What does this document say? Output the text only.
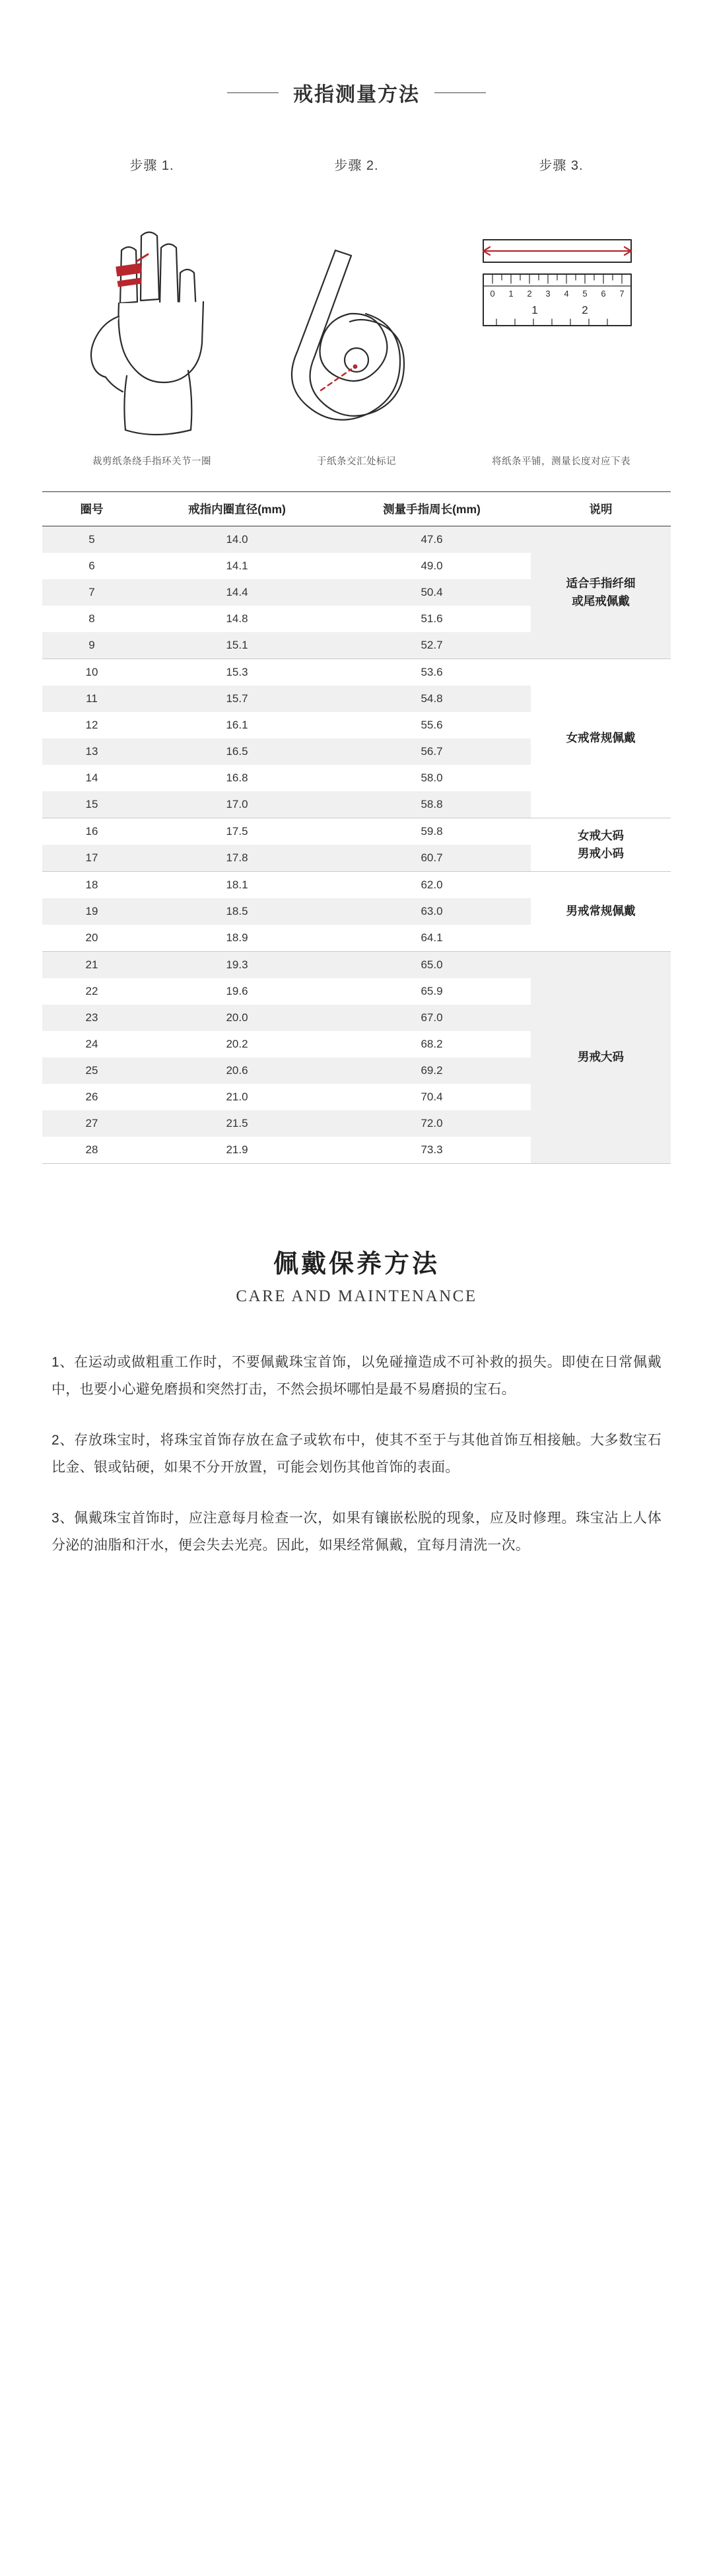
戒指测量方法
步骤 1.	步骤 2.	步骤 3.
0 1 2 3 4 5 6 7
1	2
裁剪纸条绕手指环关节一圈	于纸条交汇处标记	将纸条平铺，测量长度对应下表
圈号	戒指内圈直径(mm)	测量手指周长(mm)	说明
5	14.0	47.6	适合手指纤细
或尾戒佩戴
6	14.1	49.0	
7	14.4	50.4	
8	14.8	51.6	
9	15.1	52.7	
10	15.3	53.6	女戒常规佩戴
11	15.7	54.8	
12	16.1	55.6	
13	16.5	56.7	
14	16.8	58.0	
15	17.0	58.8	
16	17.5	59.8	女戒大码
男戒小码
17	17.8	60.7	
18	18.1	62.0	男戒常规佩戴
19	18.5	63.0	
20	18.9	64.1	
21	19.3	65.0	男戒大码
22	19.6	65.9	
23	20.0	67.0	
24	20.2	68.2	
25	20.6	69.2	
26	21.0	70.4	
27	21.5	72.0	
28	21.9	73.3	
佩戴保养方法
CARE AND MAINTENANCE

1、在运动或做粗重工作时，不要佩戴珠宝首饰，以免碰撞造成不可补救的损失。即使在日常佩戴中，也要小心避免磨损和突然打击，不然会损坏哪怕是最不易磨损的宝石。

2、存放珠宝时，将珠宝首饰存放在盒子或软布中，使其不至于与其他首饰互相接触。大多数宝石比金、银或钻硬，如果不分开放置，可能会划伤其他首饰的表面。

3、佩戴珠宝首饰时，应注意每月检查一次，如果有镶嵌松脱的现象，应及时修理。珠宝沾上人体分泌的油脂和汗水，便会失去光亮。因此，如果经常佩戴，宜每月清洗一次。
